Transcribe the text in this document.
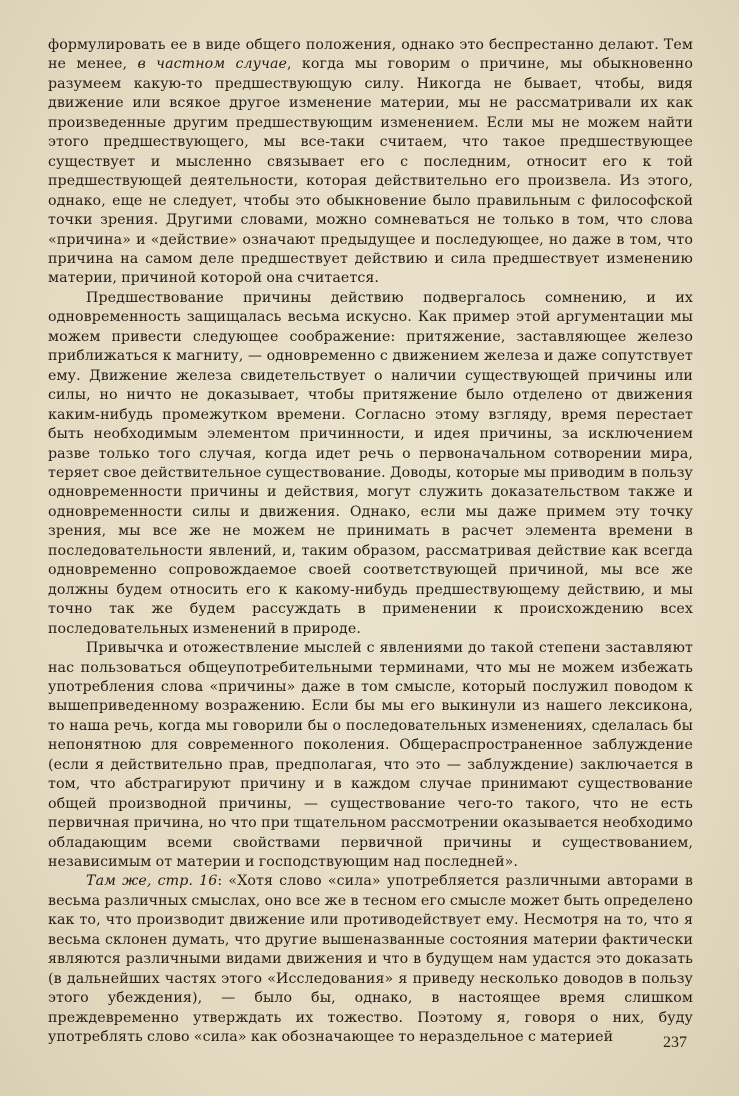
формулировать ее в виде общего положения, однако это беспрестанно делают. Тем не менее, в частном случае, когда мы говорим о причине, мы обыкновенно разумеем какую-то предшествующую силу. Никогда не бывает, чтобы, видя движение или всякое другое изменение материи, мы не рассматривали их как произведенные другим предшествующим изменением. Если мы не можем найти этого предшествующего, мы все-таки считаем, что такое предшествующее существует и мысленно связывает его с последним, относит его к той предшествующей деятельности, которая действительно его произвела. Из этого, однако, еще не следует, чтобы это обыкновение было правильным с философской точки зрения. Другими словами, можно сомневаться не только в том, что слова «причина» и «действие» означают предыдущее и последующее, но даже в том, что причина на самом деле предшествует действию и сила предшествует изменению материи, причиной которой она считается.

Предшествование причины действию подвергалось сомнению, и их одновременность защищалась весьма искусно. Как пример этой аргументации мы можем привести следующее соображение: притяжение, заставляющее железо приближаться к магниту, — одновременно с движением железа и даже сопутствует ему. Движение железа свидетельствует о наличии существующей причины или силы, но ничто не доказывает, чтобы притяжение было отделено от движения каким-нибудь промежутком времени. Согласно этому взгляду, время перестает быть необходимым элементом причинности, и идея причины, за исключением разве только того случая, когда идет речь о первоначальном сотворении мира, теряет свое действительное существование. Доводы, которые мы приводим в пользу одновременности причины и действия, могут служить доказательством также и одновременности силы и движения. Однако, если мы даже примем эту точку зрения, мы все же не можем не принимать в расчет элемента времени в последовательности явлений, и, таким образом, рассматривая действие как всегда одновременно сопровождаемое своей соответствующей причиной, мы все же должны будем относить его к какому-нибудь предшествующему действию, и мы точно так же будем рассуждать в применении к происхождению всех последовательных изменений в природе.

Привычка и отожествление мыслей с явлениями до такой степени заставляют нас пользоваться общеупотребительными терминами, что мы не можем избежать употребления слова «причины» даже в том смысле, который послужил поводом к вышеприведенному возражению. Если бы мы его выкинули из нашего лексикона, то наша речь, когда мы говорили бы о последовательных изменениях, сделалась бы непонятною для современного поколения. Общераспространенное заблуждение (если я действительно прав, предполагая, что это — заблуждение) заключается в том, что абстрагируют причину и в каждом случае принимают существование общей производной причины, — существование чего-то такого, что не есть первичная причина, но что при тщательном рассмотрении оказывается необходимо обладающим всеми свойствами первичной причины и существованием, независимым от материи и господствующим над последней».

Там же, стр. 16: «Хотя слово «сила» употребляется различными авторами в весьма различных смыслах, оно все же в тесном его смысле может быть определено как то, что производит движение или противодействует ему. Несмотря на то, что я весьма склонен думать, что другие вышеназванные состояния материи фактически являются различными видами движения и что в будущем нам удастся это доказать (в дальнейших частях этого «Исследования» я приведу несколько доводов в пользу этого убеждения), — было бы, однако, в настоящее время слишком преждевременно утверждать их тожество. Поэтому я, говоря о них, буду употреблять слово «сила» как обозначающее то нераздельное с материей	237
